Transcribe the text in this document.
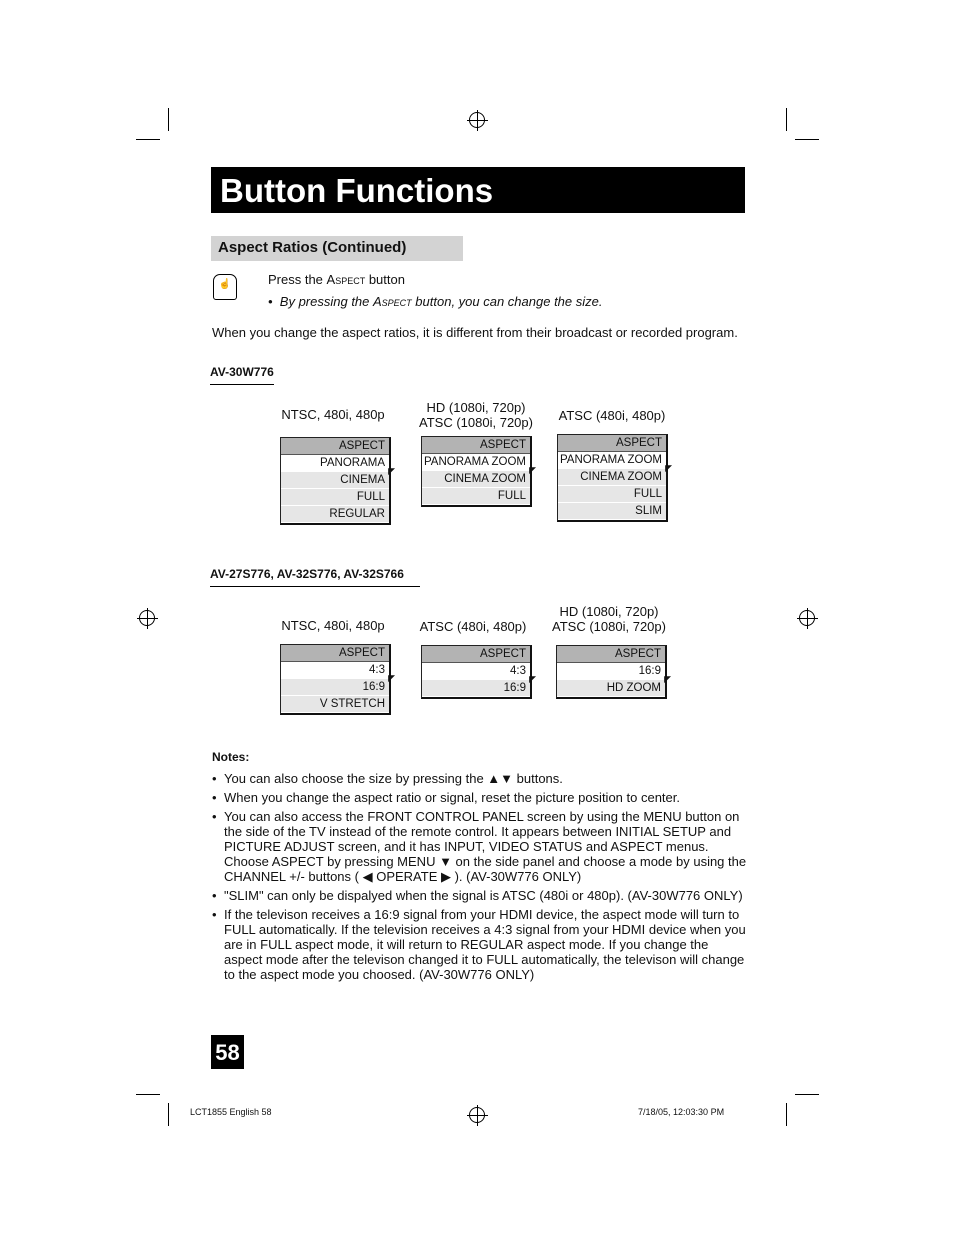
Button Functions
Aspect Ratios (Continued)
☝	Press the Aspect button
•  By pressing the Aspect button, you can change the size.
When you change the aspect ratios, it is different from their broadcast or recorded program.
AV-30W776
AV-27S776, AV-32S776, AV-32S766
NTSC, 480i, 480p
ASPECT
PANORAMA
CINEMA
FULL
REGULAR
◤
HD (1080i, 720p)
ATSC (1080i, 720p)
ASPECT
PANORAMA ZOOM
CINEMA ZOOM
FULL
◤
ATSC (480i, 480p)
ASPECT
PANORAMA ZOOM
CINEMA ZOOM
FULL
SLIM
◤
NTSC, 480i, 480p
ASPECT
4:3
16:9
V STRETCH
◤
ATSC (480i, 480p)
ASPECT
4:3
16:9
◤
HD (1080i, 720p)
ATSC (1080i, 720p)
ASPECT
16:9
HD ZOOM
◤
Notes:
• You can also choose the size by pressing the ▲▼ buttons.
• When you change the aspect ratio or signal, reset the picture position to center.
• You can also access the FRONT CONTROL PANEL screen by using the MENU button on the side of the TV instead of the remote control. It appears between INITIAL SETUP and PICTURE ADJUST screen, and it has INPUT, VIDEO STATUS and ASPECT menus. Choose ASPECT by pressing MENU ▼ on the side panel and choose a mode by using the CHANNEL +/- buttons ( ◀ OPERATE ▶ ). (AV-30W776 ONLY)
• "SLIM" can only be dispalyed when the signal is ATSC (480i or 480p). (AV-30W776 ONLY)
• If the televison receives a 16:9 signal from your HDMI device, the aspect mode will turn to FULL automatically. If the television receives a 4:3 signal from your HDMI device when you are in FULL aspect mode, it will return to REGULAR aspect mode. If you change the aspect mode after the televison changed it to FULL automatically, the televison will change to the aspect mode you choosed. (AV-30W776 ONLY)
58
LCT1855 English 58	7/18/05, 12:03:30 PM
